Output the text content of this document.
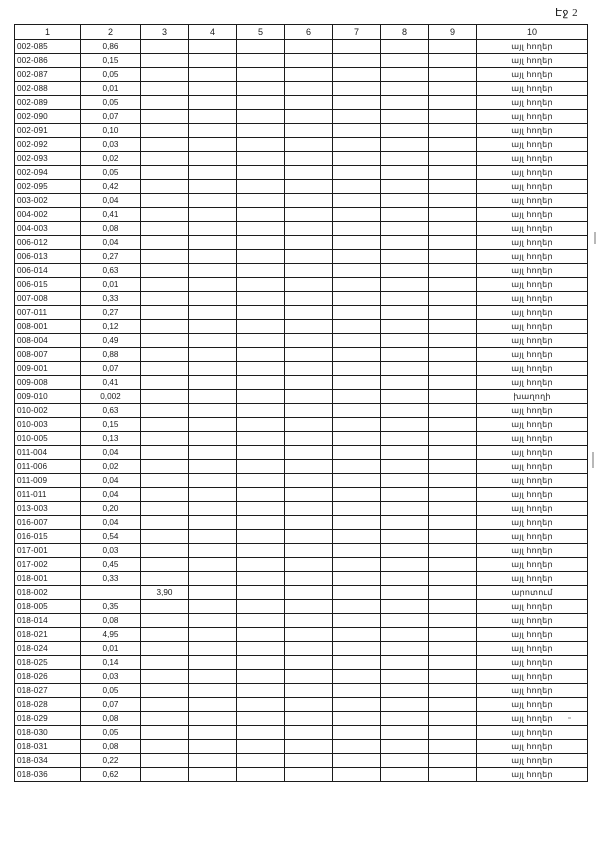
Էջ 2
1	2	3	4	5	6	7	8	9	10
002-085	0,86								այլ հողեր
002-086	0,15								այլ հողեր
002-087	0,05								այլ հողեր
002-088	0,01								այլ հողեր
002-089	0,05								այլ հողեր
002-090	0,07								այլ հողեր
002-091	0,10								այլ հողեր
002-092	0,03								այլ հողեր
002-093	0,02								այլ հողեր
002-094	0,05								այլ հողեր
002-095	0,42								այլ հողեր
003-002	0,04								այլ հողեր
004-002	0,41								այլ հողեր
004-003	0,08								այլ հողեր
006-012	0,04								այլ հողեր
006-013	0,27								այլ հողեր
006-014	0,63								այլ հողեր
006-015	0,01								այլ հողեր
007-008	0,33								այլ հողեր
007-011	0,27								այլ հողեր
008-001	0,12								այլ հողեր
008-004	0,49								այլ հողեր
008-007	0,88								այլ հողեր
009-001	0,07								այլ հողեր
009-008	0,41								այլ հողեր
009-010	0,002								խաղողի
010-002	0,63								այլ հողեր
010-003	0,15								այլ հողեր
010-005	0,13								այլ հողեր
011-004	0,04								այլ հողեր
011-006	0,02								այլ հողեր
011-009	0,04								այլ հողեր
011-011	0,04								այլ հողեր
013-003	0,20								այլ հողեր
016-007	0,04								այլ հողեր
016-015	0,54								այլ հողեր
017-001	0,03								այլ հողեր
017-002	0,45								այլ հողեր
018-001	0,33								այլ հողեր
018-002		3,90							արոտում
018-005	0,35								այլ հողեր
018-014	0,08								այլ հողեր
018-021	4,95								այլ հողեր
018-024	0,01								այլ հողեր
018-025	0,14								այլ հողեր
018-026	0,03								այլ հողեր
018-027	0,05								այլ հողեր
018-028	0,07								այլ հողեր
018-029	0,08								այլ հողեր
018-030	0,05								այլ հողեր
018-031	0,08								այլ հողեր
018-034	0,22								այլ հողեր
018-036	0,62								այլ հողեր
